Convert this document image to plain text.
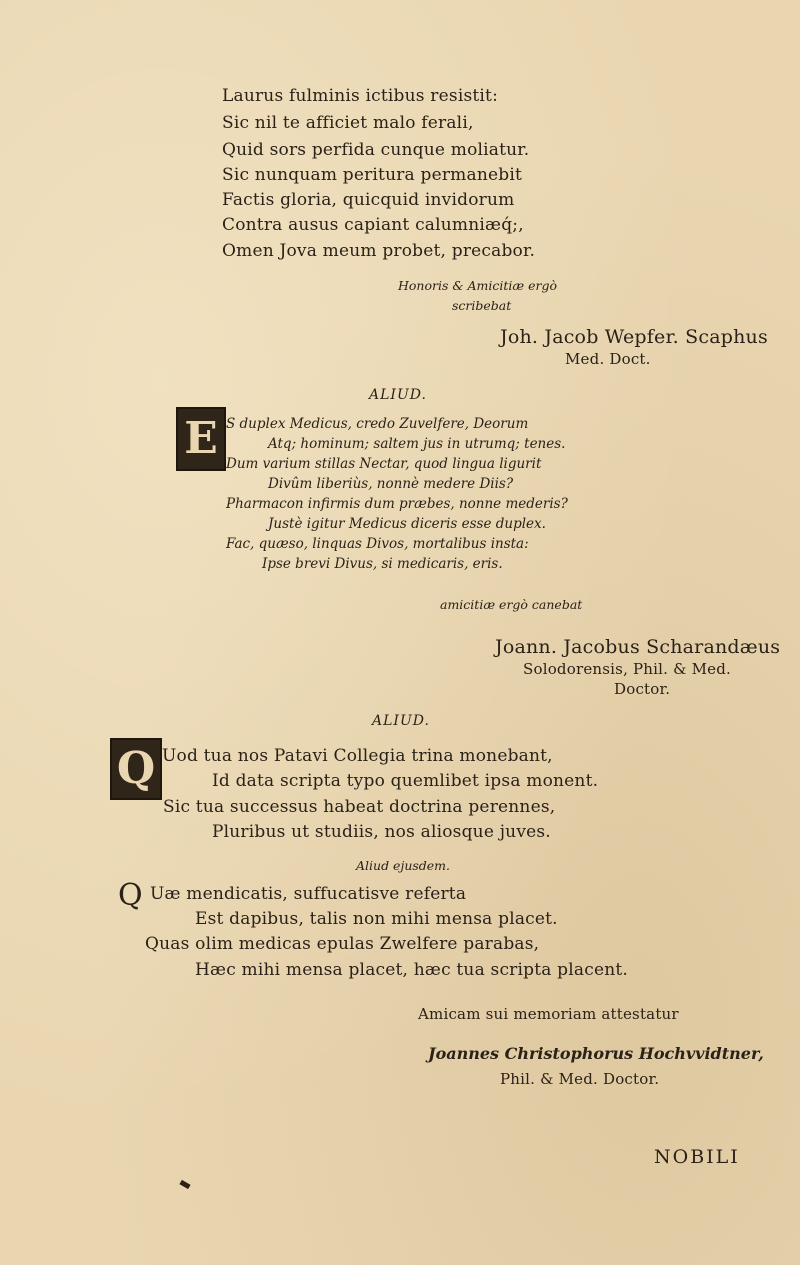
Laurus fulminis ictibus resistit:
Sic nil te afficiet malo ferali,
Quid sors perfida cunque moliatur.
Sic nunquam peritura permanebit
Factis gloria, quicquid invidorum
Contra ausus capiant calumniæq́;,
Omen Jova meum probet, precabor.
Honoris & Amicitiæ ergò
scribebat
Joh. Jacob Wepfer. Scaphus
Med. Doct.
ALIUD.
E S duplex Medicus, credo Zuvelfere, Deorum
Atq; hominum; saltem jus in utrumq; tenes.
Dum varium stillas Nectar, quod lingua ligurit
Divûm liberiùs, nonnè medere Diis?
Pharmacon infirmis dum præbes, nonne mederis?
Justè igitur Medicus diceris esse duplex.
Fac, quæso, linquas Divos, mortalibus insta:
Ipse brevi Divus, si medicaris, eris.
amicitiæ ergò canebat
Joann. Jacobus Scharandæus
Solodorensis, Phil. & Med.
Doctor.
ALIUD.
Q Uod tua nos Patavi Collegia trina monebant,
Id data scripta typo quemlibet ipsa monent.
Sic tua successus habeat doctrina perennes,
Pluribus ut studiis, nos aliosque juves.
Aliud ejusdem.
Q Uæ mendicatis, suffucatisve referta
Est dapibus, talis non mihi mensa placet.
Quas olim medicas epulas Zwelfere parabas,
Hæc mihi mensa placet, hæc tua scripta placent.
Amicam sui memoriam attestatur
Joannes Christophorus Hochvvidtner,
Phil. & Med. Doctor.
NOBILI
